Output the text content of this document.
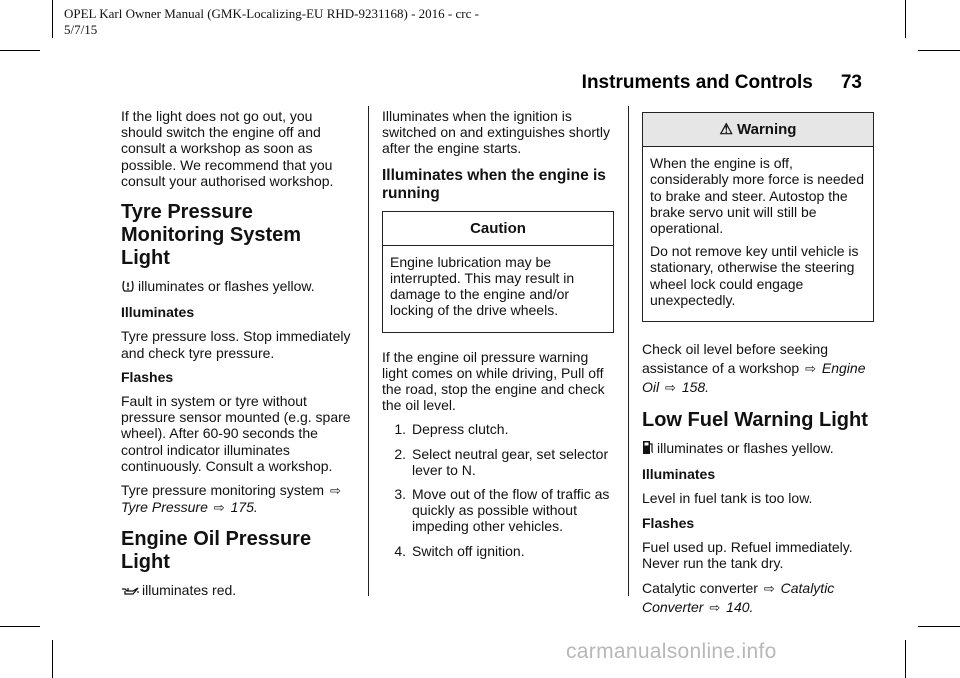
OPEL Karl Owner Manual (GMK-Localizing-EU RHD-9231168) - 2016 - crc -
5/7/15
Instruments and Controls 73

If the light does not go out, you should switch the engine off and consult a workshop as soon as possible. We recommend that you consult your authorised workshop.

Tyre Pressure Monitoring System Light

illuminates or flashes yellow.

Illuminates

Tyre pressure loss. Stop immediately and check tyre pressure.

Flashes

Fault in system or tyre without pressure sensor mounted (e.g. spare wheel). After 60-90 seconds the control indicator illuminates continuously. Consult a workshop.

Tyre pressure monitoring system ⇨
Tyre Pressure ⇨ 175.

Engine Oil Pressure Light

illuminates red.

Illuminates when the ignition is switched on and extinguishes shortly after the engine starts.

Illuminates when the engine is running
Caution

Engine lubrication may be interrupted. This may result in damage to the engine and/or locking of the drive wheels.

If the engine oil pressure warning light comes on while driving, Pull off the road, stop the engine and check the oil level.

1. Depress clutch.
2. Select neutral gear, set selector lever to N.
3. Move out of the flow of traffic as quickly as possible without impeding other vehicles.
4. Switch off ignition.
⚠ Warning

When the engine is off, considerably more force is needed to brake and steer. Autostop the brake servo unit will still be operational.

Do not remove key until vehicle is stationary, otherwise the steering wheel lock could engage unexpectedly.

Check oil level before seeking assistance of a workshop ⇨ Engine Oil ⇨ 158.

Low Fuel Warning Light

illuminates or flashes yellow.

Illuminates

Level in fuel tank is too low.

Flashes

Fuel used up. Refuel immediately. Never run the tank dry.

Catalytic converter ⇨ Catalytic Converter ⇨ 140.

carmanualsonline.info
